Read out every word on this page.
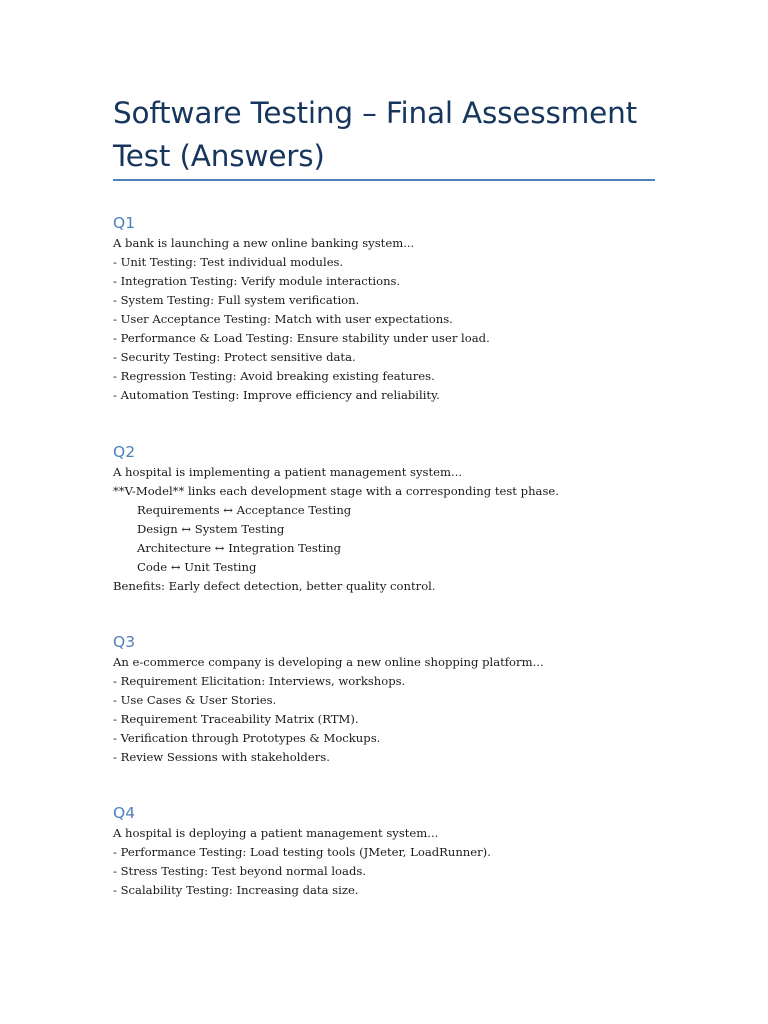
Software Testing – Final Assessment Test (Answers)
Q1
A bank is launching a new online banking system...
- Unit Testing: Test individual modules.
- Integration Testing: Verify module interactions.
- System Testing: Full system verification.
- User Acceptance Testing: Match with user expectations.
- Performance & Load Testing: Ensure stability under user load.
- Security Testing: Protect sensitive data.
- Regression Testing: Avoid breaking existing features.
- Automation Testing: Improve efficiency and reliability.
Q2
A hospital is implementing a patient management system...
**V-Model** links each development stage with a corresponding test phase.
Requirements ↔ Acceptance Testing
Design ↔ System Testing
Architecture ↔ Integration Testing
Code ↔ Unit Testing
Benefits: Early defect detection, better quality control.
Q3
An e-commerce company is developing a new online shopping platform...
- Requirement Elicitation: Interviews, workshops.
- Use Cases & User Stories.
- Requirement Traceability Matrix (RTM).
- Verification through Prototypes & Mockups.
- Review Sessions with stakeholders.
Q4
A hospital is deploying a patient management system...
- Performance Testing: Load testing tools (JMeter, LoadRunner).
- Stress Testing: Test beyond normal loads.
- Scalability Testing: Increasing data size.
